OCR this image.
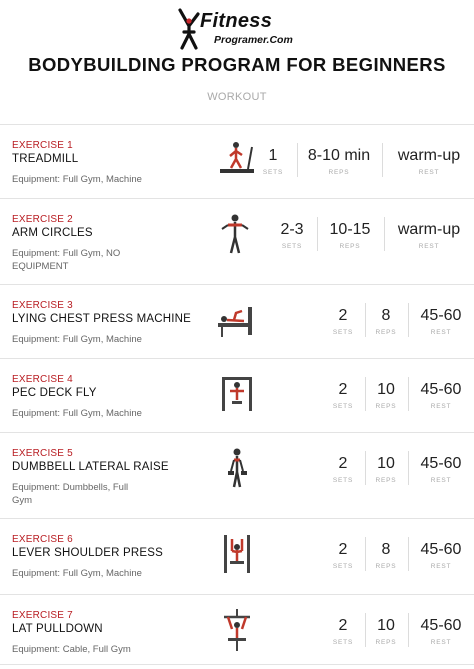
Fitness
Programer.Com
BODYBUILDING PROGRAM FOR BEGINNERS
WORKOUT
EXERCISE 1
TREADMILL
Equipment: Full Gym, Machine
1
SETS
8-10 min
REPS
warm-up
REST
EXERCISE 2
ARM CIRCLES
Equipment: Full Gym, NO EQUIPMENT
2-3
SETS
10-15
REPS
warm-up
REST
EXERCISE 3
LYING CHEST PRESS MACHINE
Equipment: Full Gym, Machine
2
SETS
8
REPS
45-60
REST
EXERCISE 4
PEC DECK FLY
Equipment: Full Gym, Machine
2
SETS
10
REPS
45-60
REST
EXERCISE 5
DUMBBELL LATERAL RAISE
Equipment: Dumbbells, Full Gym
2
SETS
10
REPS
45-60
REST
EXERCISE 6
LEVER SHOULDER PRESS
Equipment: Full Gym, Machine
2
SETS
8
REPS
45-60
REST
EXERCISE 7
LAT PULLDOWN
Equipment: Cable, Full Gym
2
SETS
10
REPS
45-60
REST
